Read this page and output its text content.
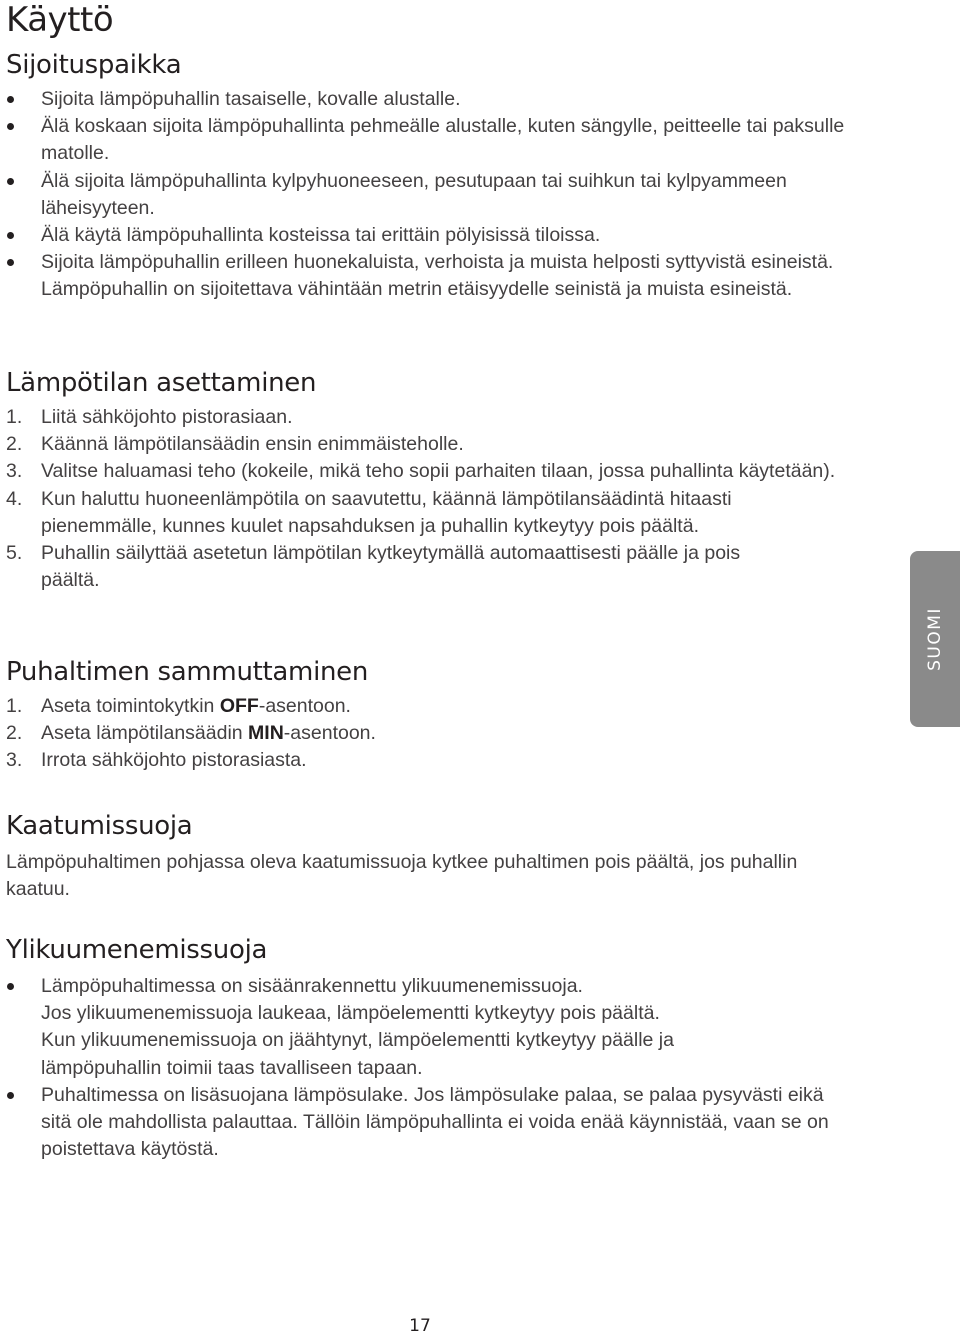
Käyttö
Sijoituspaikka
Sijoita lämpöpuhallin tasaiselle, kovalle alustalle.
Älä koskaan sijoita lämpöpuhallinta pehmeälle alustalle, kuten sängylle, peitteelle tai paksulle matolle.
Älä sijoita lämpöpuhallinta kylpyhuoneeseen, pesutupaan tai suihkun tai kylpyammeen läheisyyteen.
Älä käytä lämpöpuhallinta kosteissa tai erittäin pölyisissä tiloissa.
Sijoita lämpöpuhallin erilleen huonekaluista, verhoista ja muista helposti syttyvistä esineistä. Lämpöpuhallin on sijoitettava vähintään metrin etäisyydelle seinistä ja muista esineistä.
Lämpötilan asettaminen
1. Liitä sähköjohto pistorasiaan.
2. Käännä lämpötilansäädin ensin enimmäisteholle.
3. Valitse haluamasi teho (kokeile, mikä teho sopii parhaiten tilaan, jossa puhallinta käytetään).
4. Kun haluttu huoneenlämpötila on saavutettu, käännä lämpötilansäädintä hitaasti pienemmälle, kunnes kuulet napsahduksen ja puhallin kytkeytyy pois päältä.
5. Puhallin säilyttää asetetun lämpötilan kytkeytymällä automaattisesti päälle ja pois päältä.
Puhaltimen sammuttaminen
1. Aseta toimintokytkin OFF-asentoon.
2. Aseta lämpötilansäädin MIN-asentoon.
3. Irrota sähköjohto pistorasiasta.
Kaatumissuoja

Lämpöpuhaltimen pohjassa oleva kaatumissuoja kytkee puhaltimen pois päältä, jos puhallin kaatuu.

Ylikuumenemissuoja
Lämpöpuhaltimessa on sisäänrakennettu ylikuumenemissuoja.
Jos ylikuumenemissuoja laukeaa, lämpöelementti kytkeytyy pois päältä.
Kun ylikuumenemissuoja on jäähtynyt, lämpöelementti kytkeytyy päälle ja lämpöpuhallin toimii taas tavalliseen tapaan.
Puhaltimessa on lisäsuojana lämpösulake. Jos lämpösulake palaa, se palaa pysyvästi eikä sitä ole mahdollista palauttaa. Tällöin lämpöpuhallinta ei voida enää käynnistää, vaan se on poistettava käytöstä.
SUOMI
17
